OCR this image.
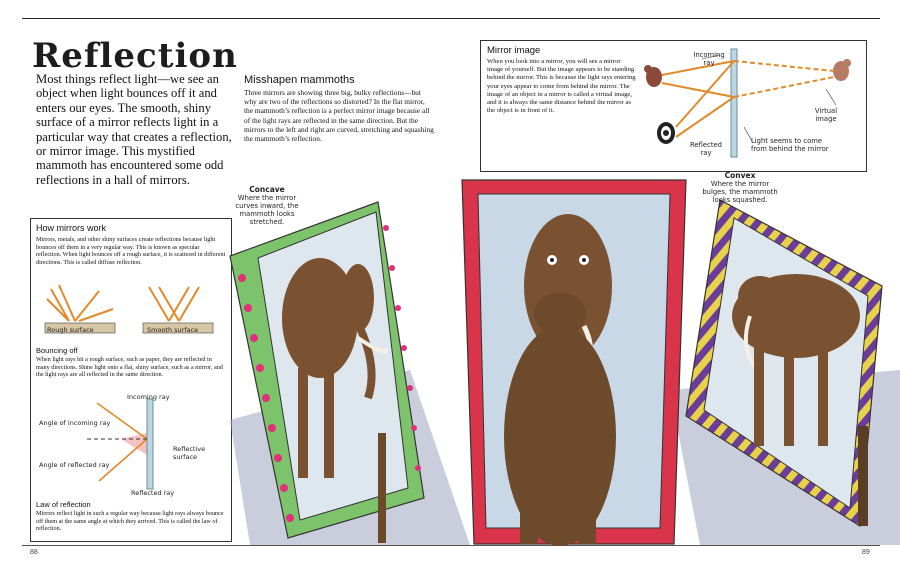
Reflection
Most things reflect light—we see an object when light bounces off it and enters our eyes. The smooth, shiny surface of a mirror reflects light in a particular way that creates a reflection, or mirror image. This mystified mammoth has encountered some odd reflections in a hall of mirrors.
Misshapen mammoths

Three mirrors are showing three big, bulky reflections—but why are two of the reflections so distorted? In the flat mirror, the mammoth’s reflection is a perfect mirror image because all of the light rays are reflected in the same direction. But the mirrors to the left and right are curved, stretching and squashing the mammoth’s reflection.

Mirror image

When you look into a mirror, you will see a mirror image of yourself. But the image appears to be standing behind the mirror. This is because the light rays entering your eyes appear to come from behind the mirror. The image of an object in a mirror is called a virtual image, and it is always the same distance behind the mirror as the object is in front of it.

Incoming ray
Virtual image
Reflected ray
Light seems to come from behind the mirror
How mirrors work

Mirrors, metals, and other shiny surfaces create reflections because light bounces off them in a very regular way. This is known as specular reflection. When light bounces off a rough surface, it is scattered in different directions. This is called diffuse reflection.

Rough surface	Smooth surface
Bouncing off

When light rays hit a rough surface, such as paper, they are reflected in many directions. Shine light onto a flat, shiny surface, such as a mirror, and the light rays are all reflected in the same direction.

Incoming ray
Angle of incoming ray
Angle of reflected ray
Reflective surface
Reflected ray
Law of reflection

Mirrors reflect light in such a regular way because light rays always bounce off them at the same angle at which they arrived. This is called the law of reflection.

Concave
Where the mirror curves inward, the mammoth looks stretched.
Convex
Where the mirror bulges, the mammoth looks squashed.
88	89
